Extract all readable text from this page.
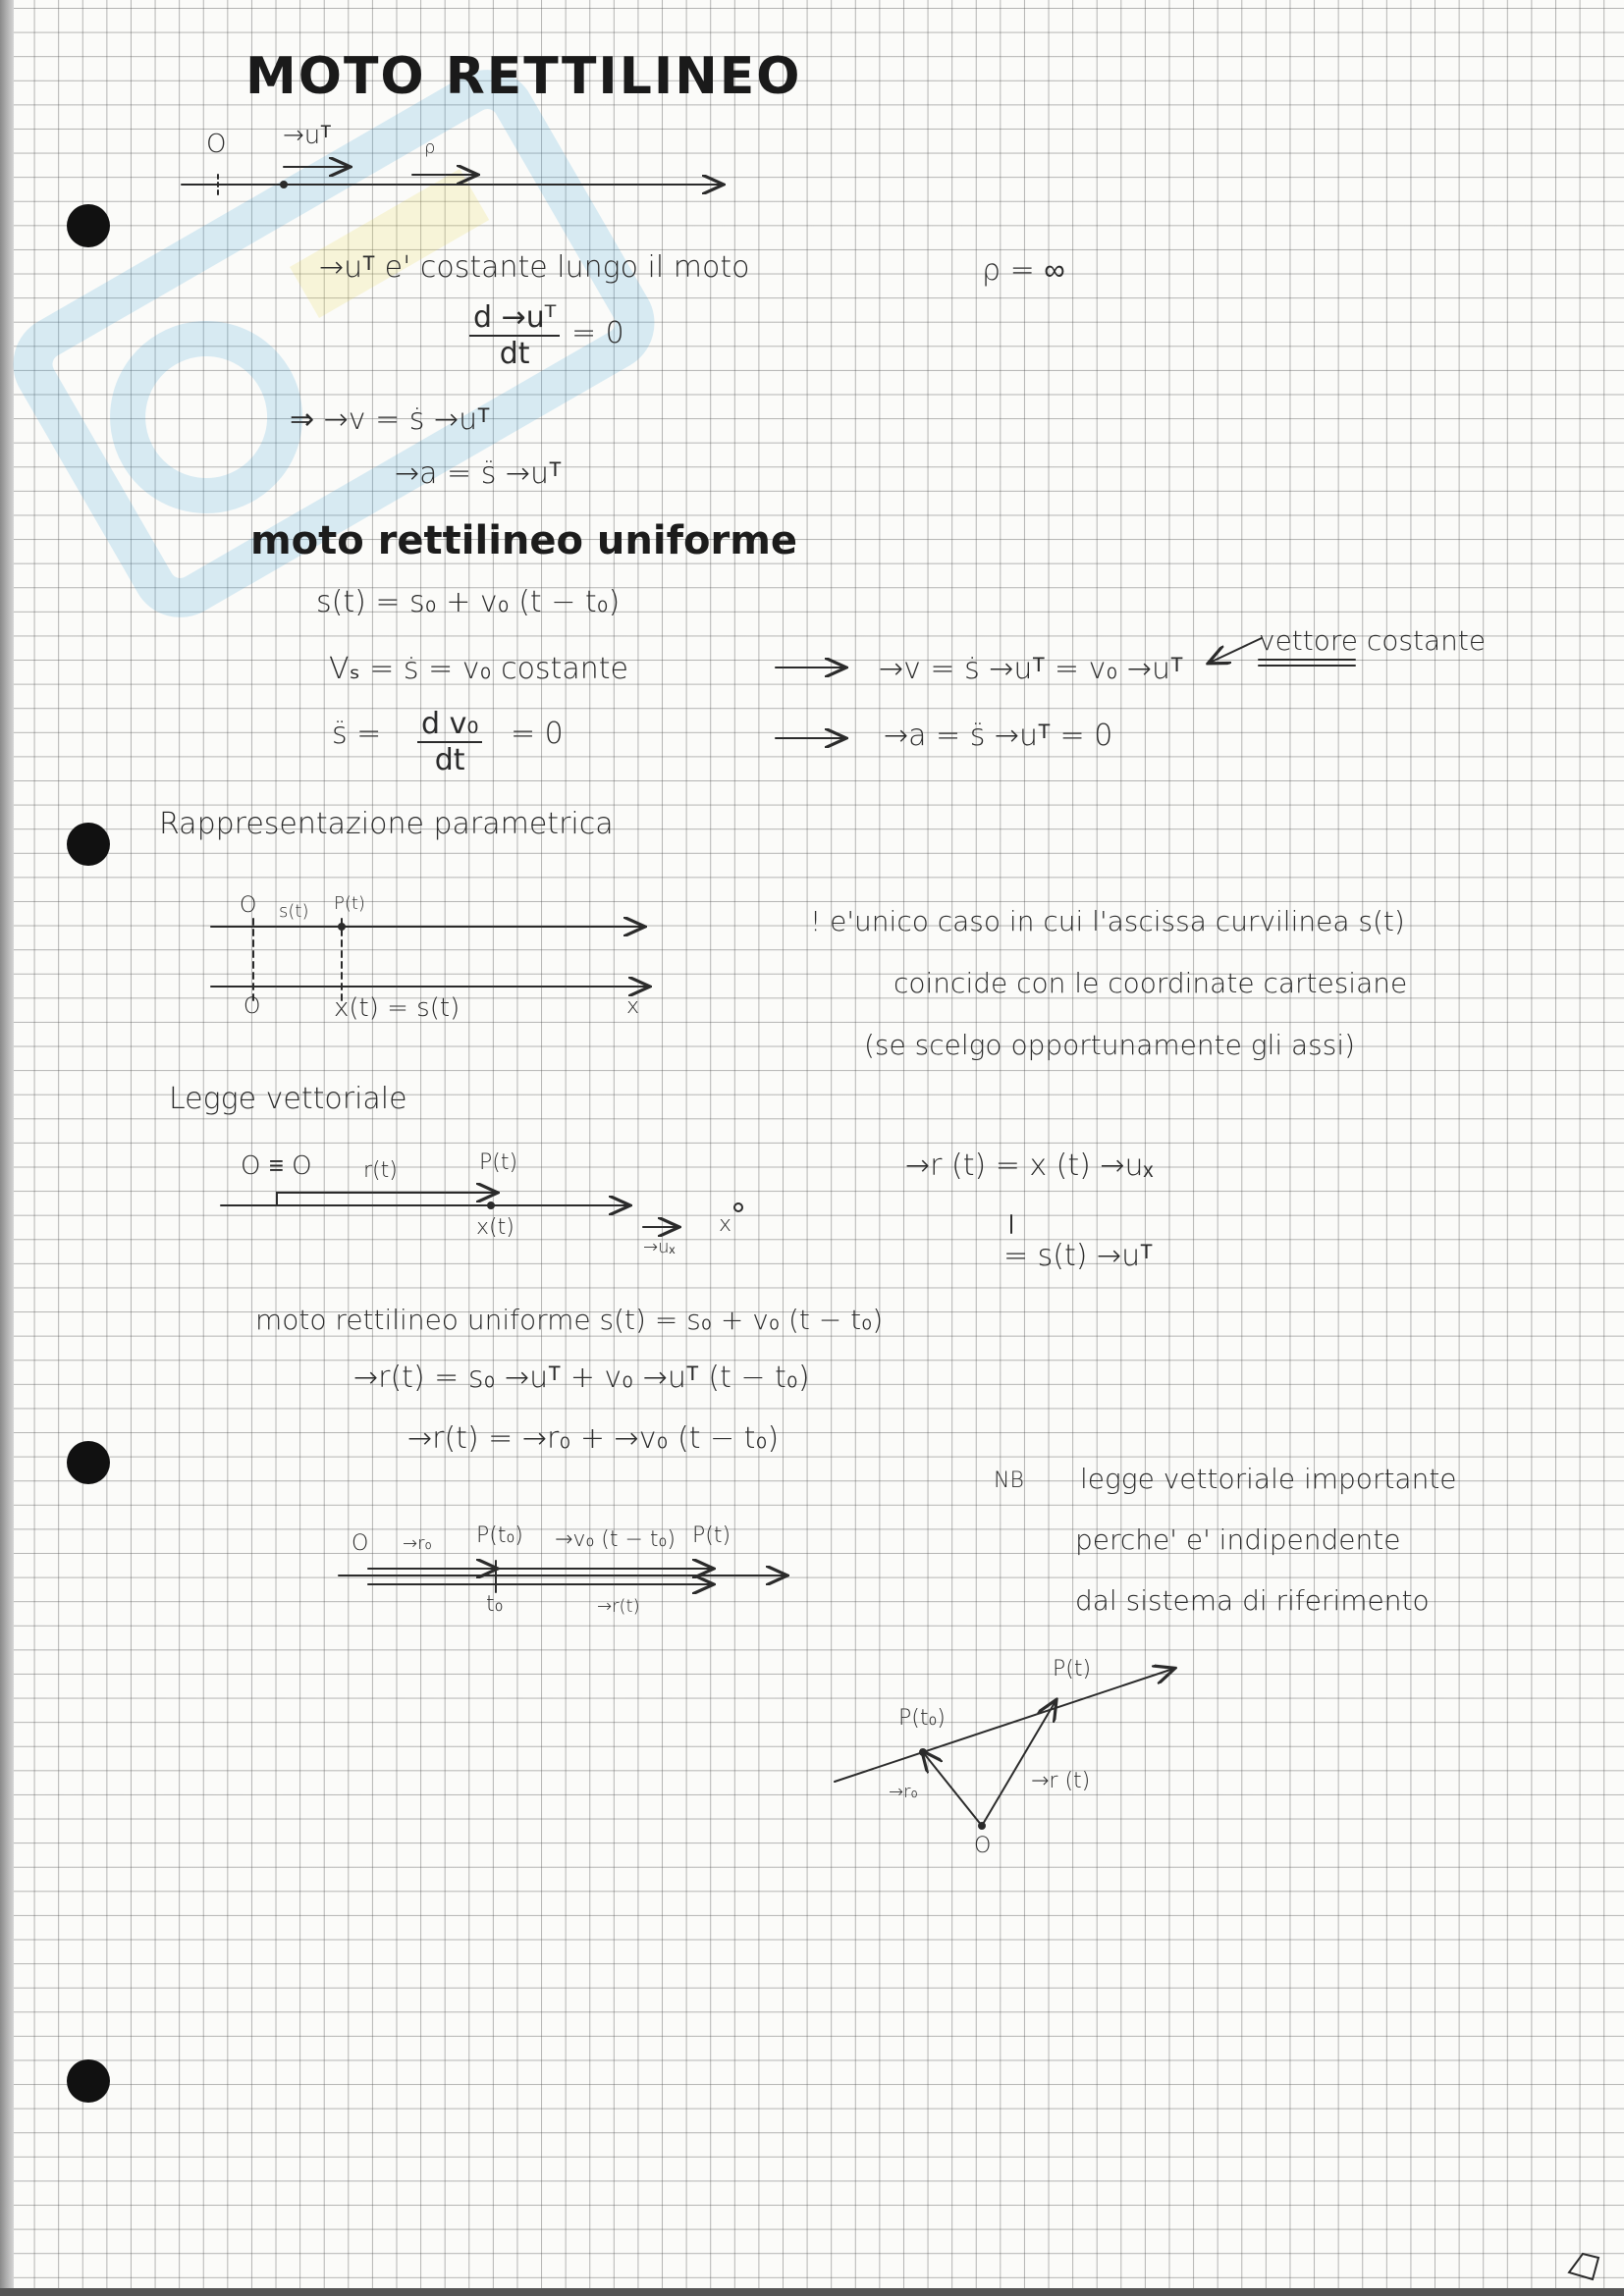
MOTO RETTILINEO
O →uᵀ	ρ
→uᵀ e' costante lungo il moto	ρ = ∞
$\frac{\text{d →uᵀ}}{dt} = 0$
⇒ →v = ṡ →uᵀ
→a = s̈ →uᵀ
moto rettilineo uniforme
s(t) = s₀ + v₀ (t − t₀)
Vₛ = ṡ = v₀ costante	→v = ṡ →uᵀ = v₀ →uᵀ
vettore costante
s̈ = $\frac{\text{d v₀}}{dt} = 0$	→a = s̈ →uᵀ = 0
Rappresentazione parametrica
O s(t) P(t)
O	x(t) = s(t)	x
! e'unico caso in cui l'ascissa curvilinea s(t)
coincide con le coordinate cartesiane
(se scelgo opportunamente gli assi)
Legge vettoriale
O ≡ O r(t)	P(t)
x(t)
→uₓ
x
→r (t) = x (t) →uₓ
= s(t) →uᵀ
moto rettilineo uniforme s(t) = s₀ + v₀ (t − t₀)
→r(t) = s₀ →uᵀ + v₀ →uᵀ (t − t₀)
→r(t) = →r₀ + →v₀ (t − t₀)
NB legge vettoriale importante
perche' e' indipendente
dal sistema di riferimento
O →r₀ P(t₀) →v₀ (t − t₀) P(t)
t₀	→r(t)
P(t)
P(t₀)
→r₀	→r (t)
O
